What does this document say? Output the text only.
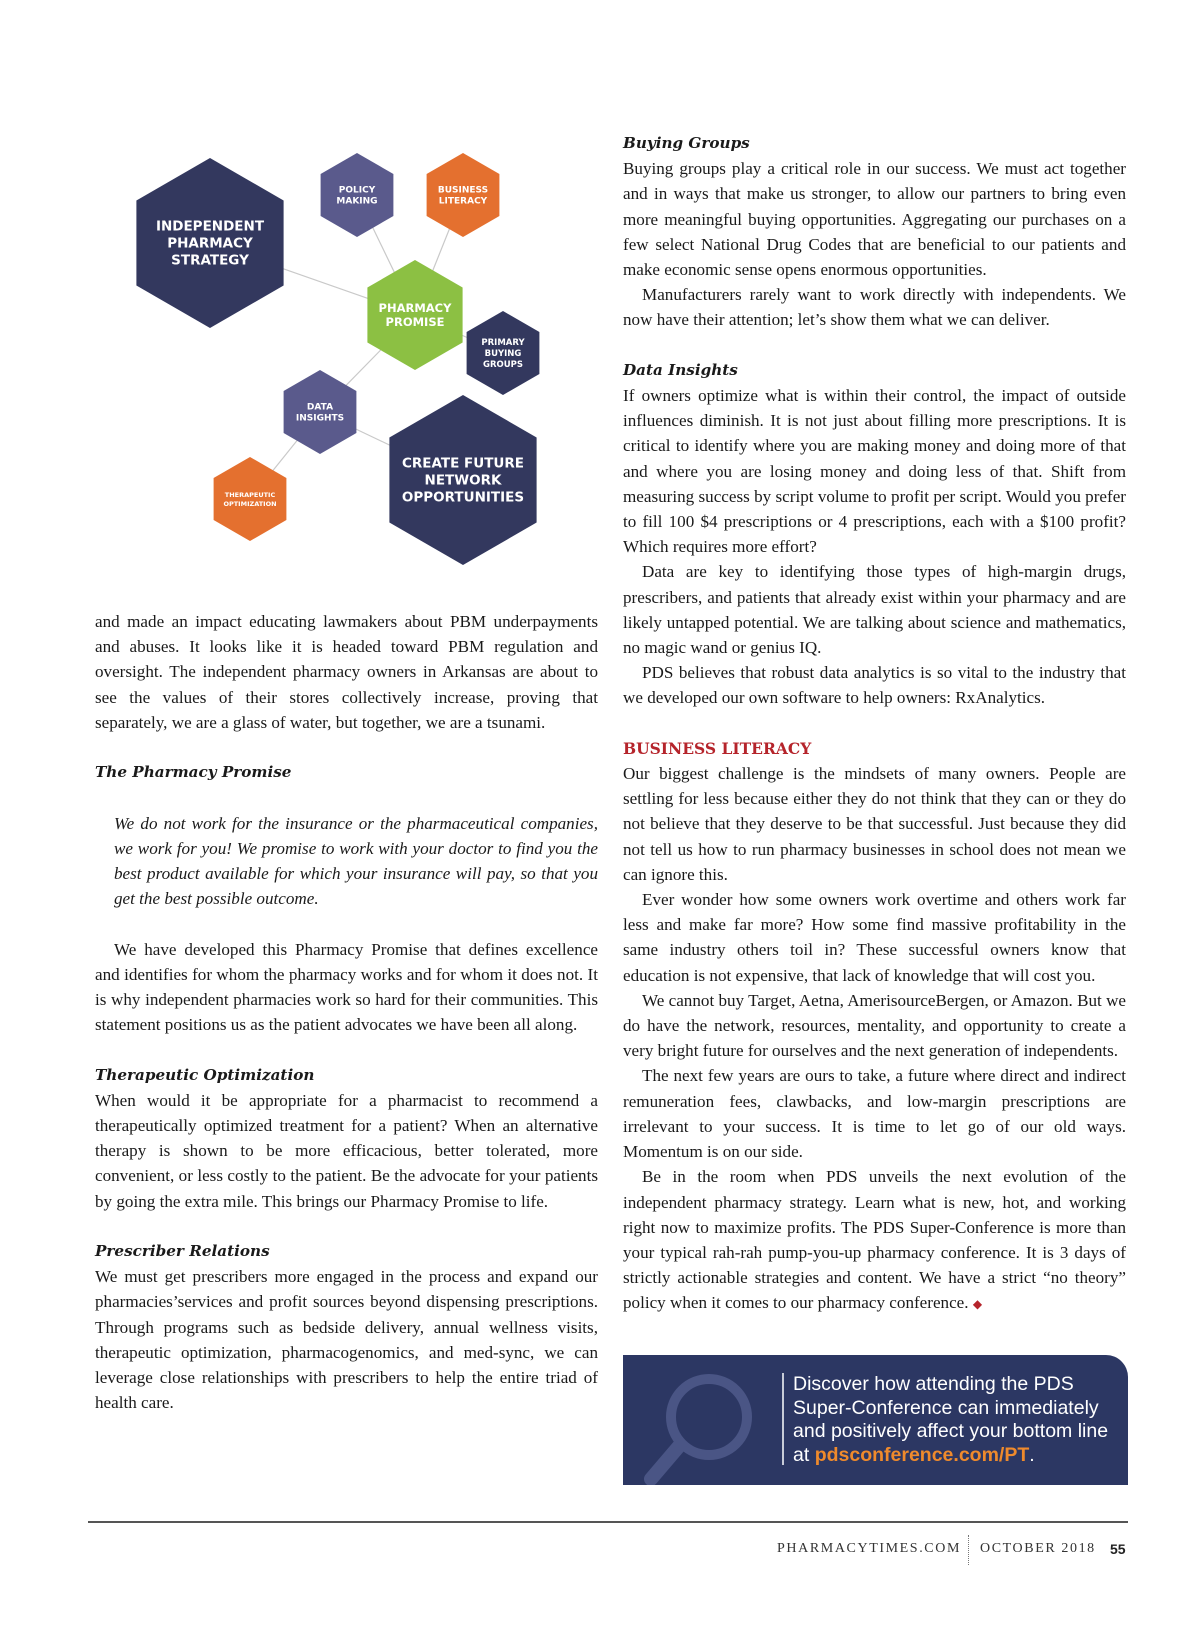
INDEPENDENT PHARMACY STRATEGY
POLICY MAKING
BUSINESS LITERACY
PHARMACY PROMISE
PRIMARY BUYING GROUPS
DATA INSIGHTS
CREATE FUTURE NETWORK OPPORTUNITIES
THERAPEUTIC OPTIMIZATION

and made an impact educating lawmakers about PBM underpayments and abuses. It looks like it is headed toward PBM regulation and oversight. The independent pharmacy owners in Arkansas are about to see the values of their stores collectively increase, proving that separately, we are a glass of water, but together, we are a tsunami.

The Pharmacy Promise

We do not work for the insurance or the pharmaceutical companies, we work for you! We promise to work with your doctor to find you the best product available for which your insurance will pay, so that you get the best possible outcome.

We have developed this Pharmacy Promise that defines excellence and identifies for whom the pharmacy works and for whom it does not. It is why independent pharmacies work so hard for their communities. This statement positions us as the patient advocates we have been all along.

Therapeutic Optimization

When would it be appropriate for a pharmacist to recommend a therapeutically optimized treatment for a patient? When an alternative therapy is shown to be more efficacious, better tolerated, more convenient, or less costly to the patient. Be the advocate for your patients by going the extra mile. This brings our Pharmacy Promise to life.

Prescriber Relations

We must get prescribers more engaged in the process and expand our pharmacies’services and profit sources beyond dispensing prescriptions. Through programs such as bedside delivery, annual wellness visits, therapeutic optimization, pharmacogenomics, and med-sync, we can leverage close relationships with prescribers to help the entire triad of health care.

Buying Groups

Buying groups play a critical role in our success. We must act together and in ways that make us stronger, to allow our partners to bring even more meaningful buying opportunities. Aggregating our purchases on a few select National Drug Codes that are beneficial to our patients and make economic sense opens enormous opportunities.

Manufacturers rarely want to work directly with independents. We now have their attention; let’s show them what we can deliver.

Data Insights

If owners optimize what is within their control, the impact of outside influences diminish. It is not just about filling more prescriptions. It is critical to identify where you are making money and doing more of that and where you are losing money and doing less of that. Shift from measuring success by script volume to profit per script. Would you prefer to fill 100 $4 prescriptions or 4 prescriptions, each with a $100 profit? Which requires more effort?

Data are key to identifying those types of high-margin drugs, prescribers, and patients that already exist within your pharmacy and are likely untapped potential. We are talking about science and mathematics, no magic wand or genius IQ.

PDS believes that robust data analytics is so vital to the industry that we developed our own software to help owners: RxAnalytics.

BUSINESS LITERACY

Our biggest challenge is the mindsets of many owners. People are settling for less because either they do not think that they can or they do not believe that they deserve to be that successful. Just because they did not tell us how to run pharmacy businesses in school does not mean we can ignore this.

Ever wonder how some owners work overtime and others work far less and make far more? How some find massive profitability in the same industry others toil in? These successful owners know that education is not expensive, that lack of knowledge that will cost you.

We cannot buy Target, Aetna, AmerisourceBergen, or Amazon. But we do have the network, resources, mentality, and opportunity to create a very bright future for ourselves and the next generation of independents.

The next few years are ours to take, a future where direct and indirect remuneration fees, clawbacks, and low-margin prescriptions are irrelevant to your success. It is time to let go of our old ways. Momentum is on our side.

Be in the room when PDS unveils the next evolution of the independent pharmacy strategy. Learn what is new, hot, and working right now to maximize profits. The PDS Super-Conference is more than your typical rah-rah pump-you-up pharmacy conference. It is 3 days of strictly actionable strategies and content. We have a strict “no theory” policy when it comes to our pharmacy conference. ◆

Discover how attending the PDS Super-Conference can immediately and positively affect your bottom line at pdsconference.com/PT.
PHARMACYTIMES.COM OCTOBER 2018 55
